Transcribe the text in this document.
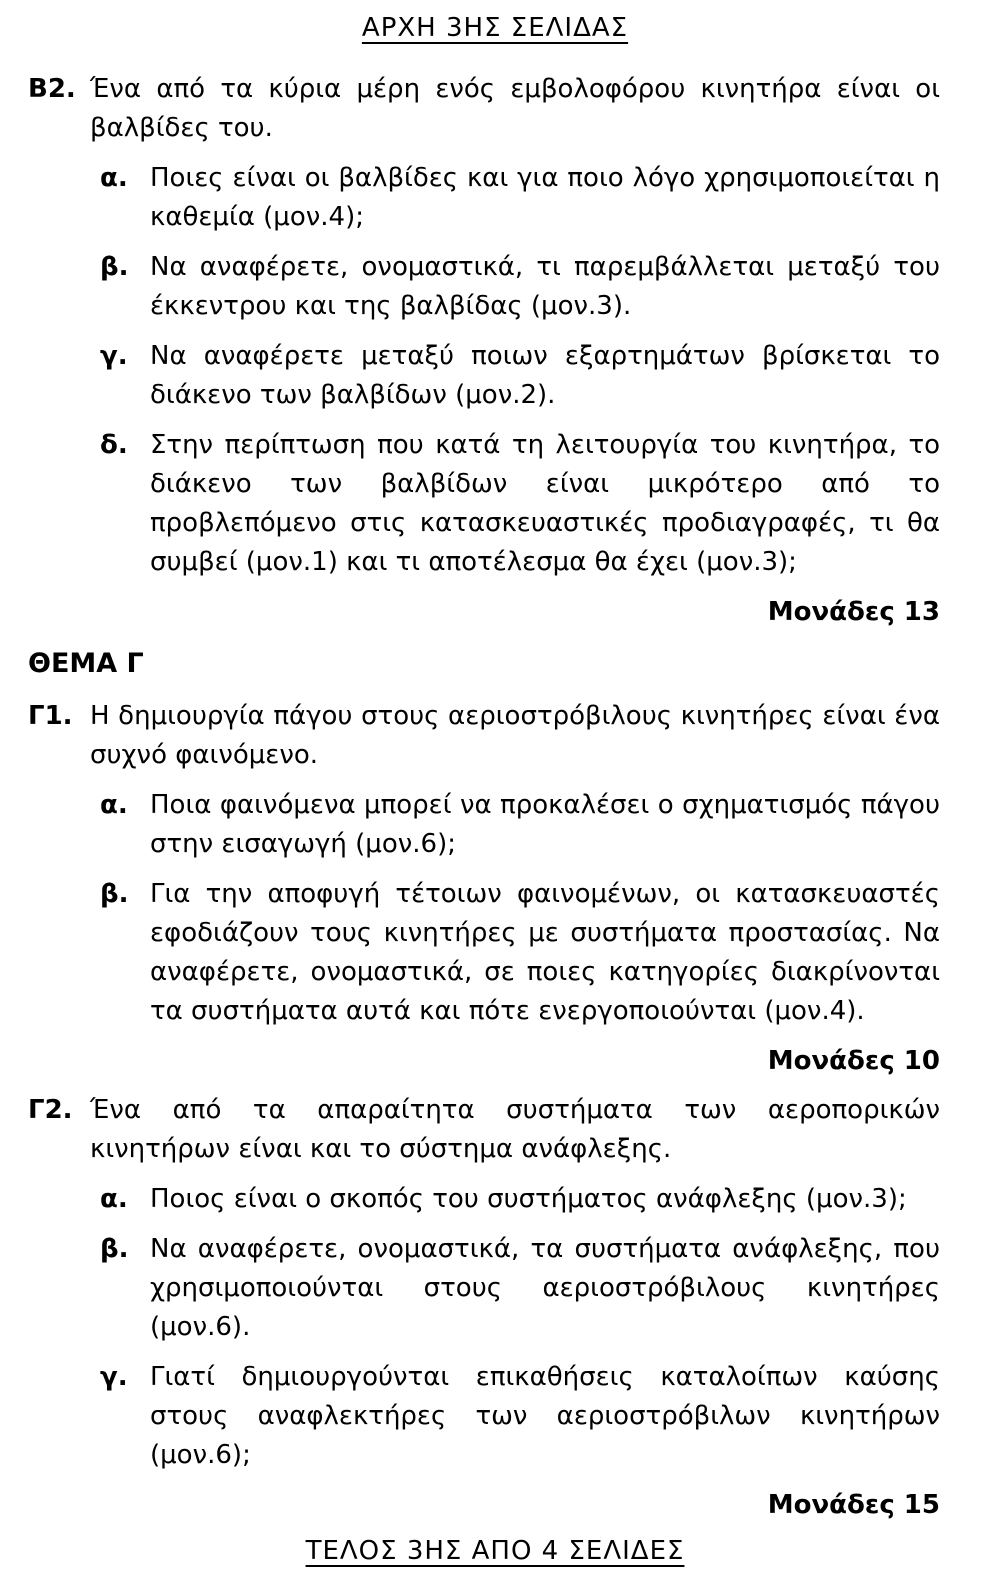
ΑΡΧΗ 3ΗΣ ΣΕΛΙΔΑΣ
Β2. Ένα από τα κύρια μέρη ενός εμβολοφόρου κινητήρα είναι οι βαλβίδες του.

α. Ποιες είναι οι βαλβίδες και για ποιο λόγο χρησιμοποιείται η καθεμία (μον.4);

β. Να αναφέρετε, ονομαστικά, τι παρεμβάλλεται μεταξύ του έκκεντρου και της βαλβίδας (μον.3).

γ. Να αναφέρετε μεταξύ ποιων εξαρτημάτων βρίσκεται το διάκενο των βαλβίδων (μον.2).

δ. Στην περίπτωση που κατά τη λειτουργία του κινητήρα, το διάκενο των βαλβίδων είναι μικρότερο από το προβλεπόμενο στις κατασκευαστικές προδιαγραφές, τι θα συμβεί (μον.1) και τι αποτέλεσμα θα έχει (μον.3);

Μονάδες 13
ΘΕΜΑ Γ
Γ1. Η δημιουργία πάγου στους αεριοστρόβιλους κινητήρες είναι ένα συχνό φαινόμενο.

α. Ποια φαινόμενα μπορεί να προκαλέσει ο σχηματισμός πάγου στην εισαγωγή (μον.6);

β. Για την αποφυγή τέτοιων φαινομένων, οι κατασκευαστές εφοδιάζουν τους κινητήρες με συστήματα προστασίας. Να αναφέρετε, ονομαστικά, σε ποιες κατηγορίες διακρίνονται τα συστήματα αυτά και πότε ενεργοποιούνται (μον.4).

Μονάδες 10
Γ2. Ένα από τα απαραίτητα συστήματα των αεροπορικών κινητήρων είναι και το σύστημα ανάφλεξης.

α. Ποιος είναι ο σκοπός του συστήματος ανάφλεξης (μον.3);

β. Να αναφέρετε, ονομαστικά, τα συστήματα ανάφλεξης, που χρησιμοποιούνται στους αεριοστρόβιλους κινητήρες (μον.6).

γ. Γιατί δημιουργούνται επικαθήσεις καταλοίπων καύσης στους αναφλεκτήρες των αεριοστρόβιλων κινητήρων (μον.6);

Μονάδες 15
ΤΕΛΟΣ 3ΗΣ ΑΠΟ 4 ΣΕΛΙΔΕΣ
